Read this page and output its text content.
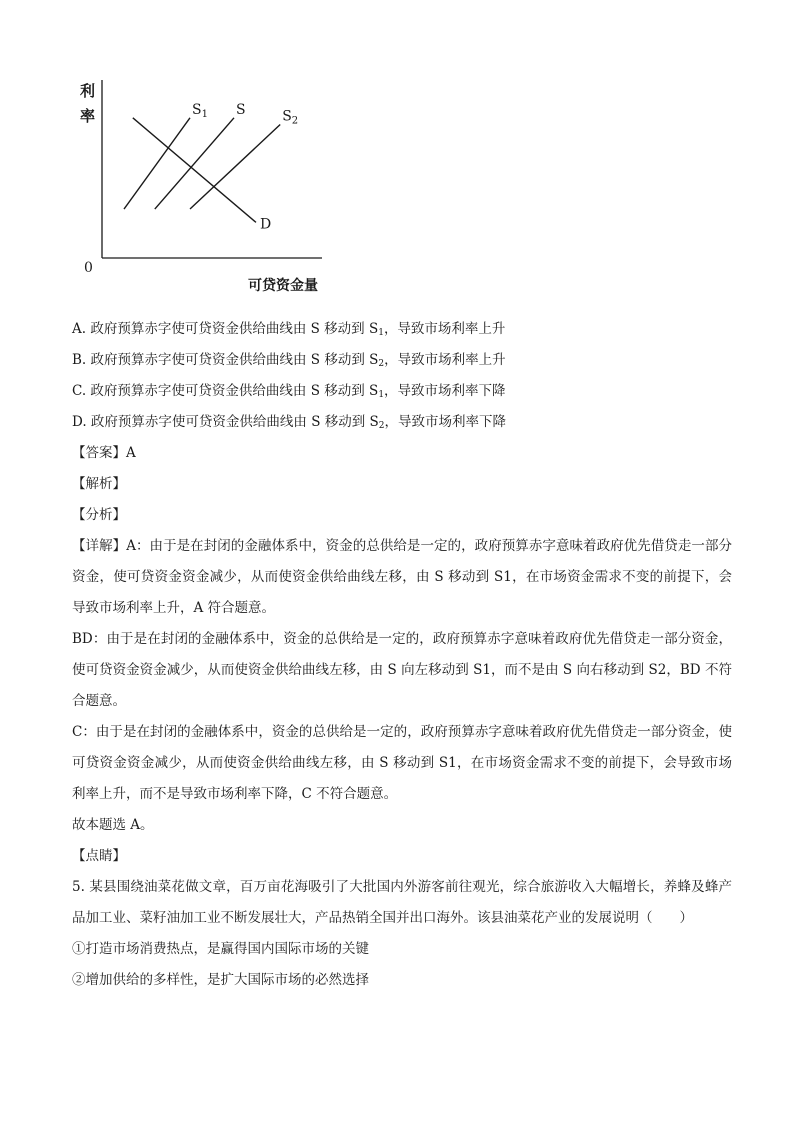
利
率
0
可贷资金量
$S_1$ S	$S_2$
D
A. 政府预算赤字使可贷资金供给曲线由 S 移动到 $S_1$，导致市场利率上升
B. 政府预算赤字使可贷资金供给曲线由 S 移动到 $S_2$，导致市场利率上升
C. 政府预算赤字使可贷资金供给曲线由 S 移动到 $S_1$，导致市场利率下降
D. 政府预算赤字使可贷资金供给曲线由 S 移动到 $S_2$，导致市场利率下降
【答案】A
【解析】
【分析】

【详解】A：由于是在封闭的金融体系中，资金的总供给是一定的，政府预算赤字意味着政府优先借贷走一部分资金，使可贷资金资金减少，从而使资金供给曲线左移，由 S 移动到 S1，在市场资金需求不变的前提下，会导致市场利率上升，A 符合题意。

BD：由于是在封闭的金融体系中，资金的总供给是一定的，政府预算赤字意味着政府优先借贷走一部分资金，使可贷资金资金减少，从而使资金供给曲线左移，由 S 向左移动到 S1，而不是由 S 向右移动到 S2，BD 不符合题意。

C：由于是在封闭的金融体系中，资金的总供给是一定的，政府预算赤字意味着政府优先借贷走一部分资金，使可贷资金资金减少，从而使资金供给曲线左移，由 S 移动到 S1，在市场资金需求不变的前提下，会导致市场利率上升，而不是导致市场利率下降，C 不符合题意。

故本题选 A。
【点睛】

5. 某县围绕油菜花做文章，百万亩花海吸引了大批国内外游客前往观光，综合旅游收入大幅增长，养蜂及蜂产品加工业、菜籽油加工业不断发展壮大，产品热销全国并出口海外。该县油菜花产业的发展说明（　　）

①打造市场消费热点，是赢得国内国际市场的关键
②增加供给的多样性，是扩大国际市场的必然选择
